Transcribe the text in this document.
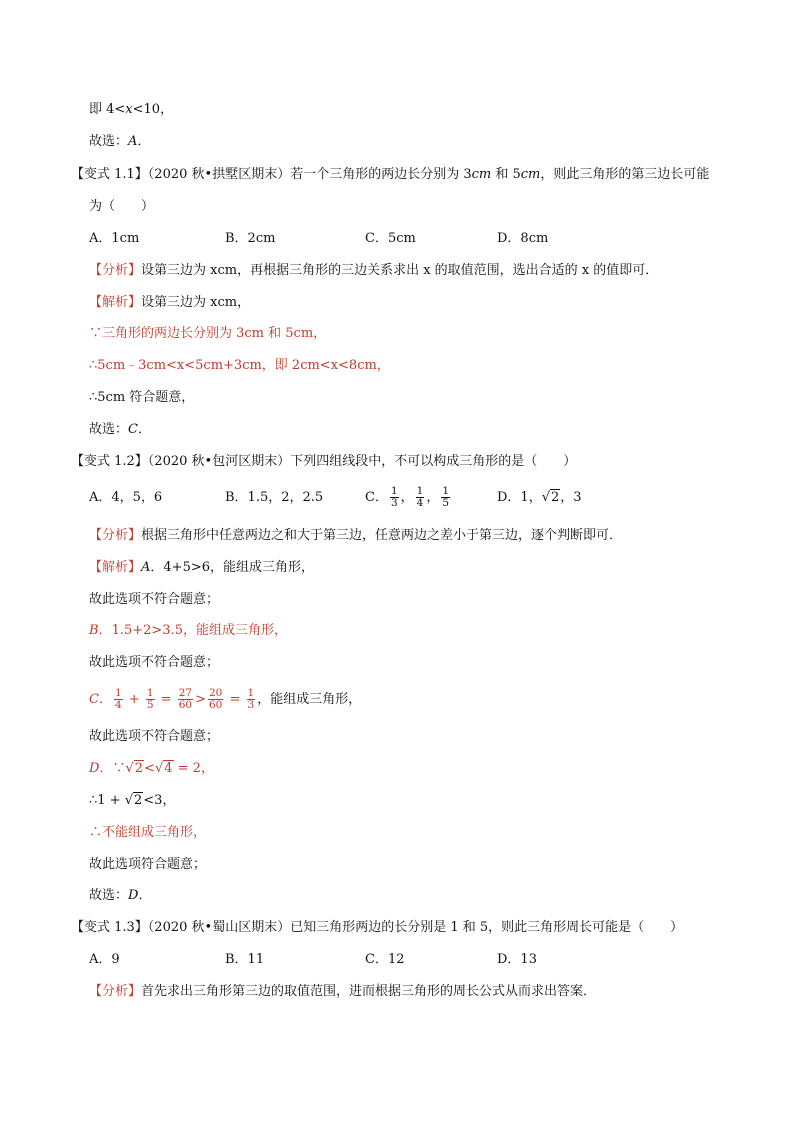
即 4<x<10，
故选：A．
【变式 1.1】（2020 秋•拱墅区期末）若一个三角形的两边长分别为 3cm 和 5cm，则此三角形的第三边长可能
为（　　）
A．1cm	B．2cm	C．5cm	D．8cm
【分析】设第三边为 xcm，再根据三角形的三边关系求出 x 的取值范围，选出合适的 x 的值即可．
【解析】设第三边为 xcm，
∵三角形的两边长分别为 3cm 和 5cm，
∴5cm﹣3cm<x<5cm+3cm，即 2cm<x<8cm，
∴5cm 符合题意，
故选：C．
【变式 1.2】（2020 秋•包河区期末）下列四组线段中，不可以构成三角形的是（　　）
A．4，5，6	B．1.5，2，2.5	C． $\frac{1}{3}$ ， $\frac{1}{4}$ ， $\frac{1}{5}$	D．1，√2，3
【分析】根据三角形中任意两边之和大于第三边，任意两边之差小于第三边，逐个判断即可．
【解析】A．4+5>6，能组成三角形，
故此选项不符合题意；
B．1.5+2>3.5，能组成三角形，
故此选项不符合题意；
C． $\frac{1}{4} + \frac{1}{5} = \frac{27}{60} > \frac{20}{60} = \frac{1}{3}$ ，能组成三角形，
故此选项不符合题意；
D．∵√2<√4 = 2，
∴1 + √2<3，
∴不能组成三角形，
故此选项符合题意；
故选：D．
【变式 1.3】（2020 秋•蜀山区期末）已知三角形两边的长分别是 1 和 5，则此三角形周长可能是（　　）
A．9	B．11	C．12	D．13
【分析】首先求出三角形第三边的取值范围，进而根据三角形的周长公式从而求出答案．
